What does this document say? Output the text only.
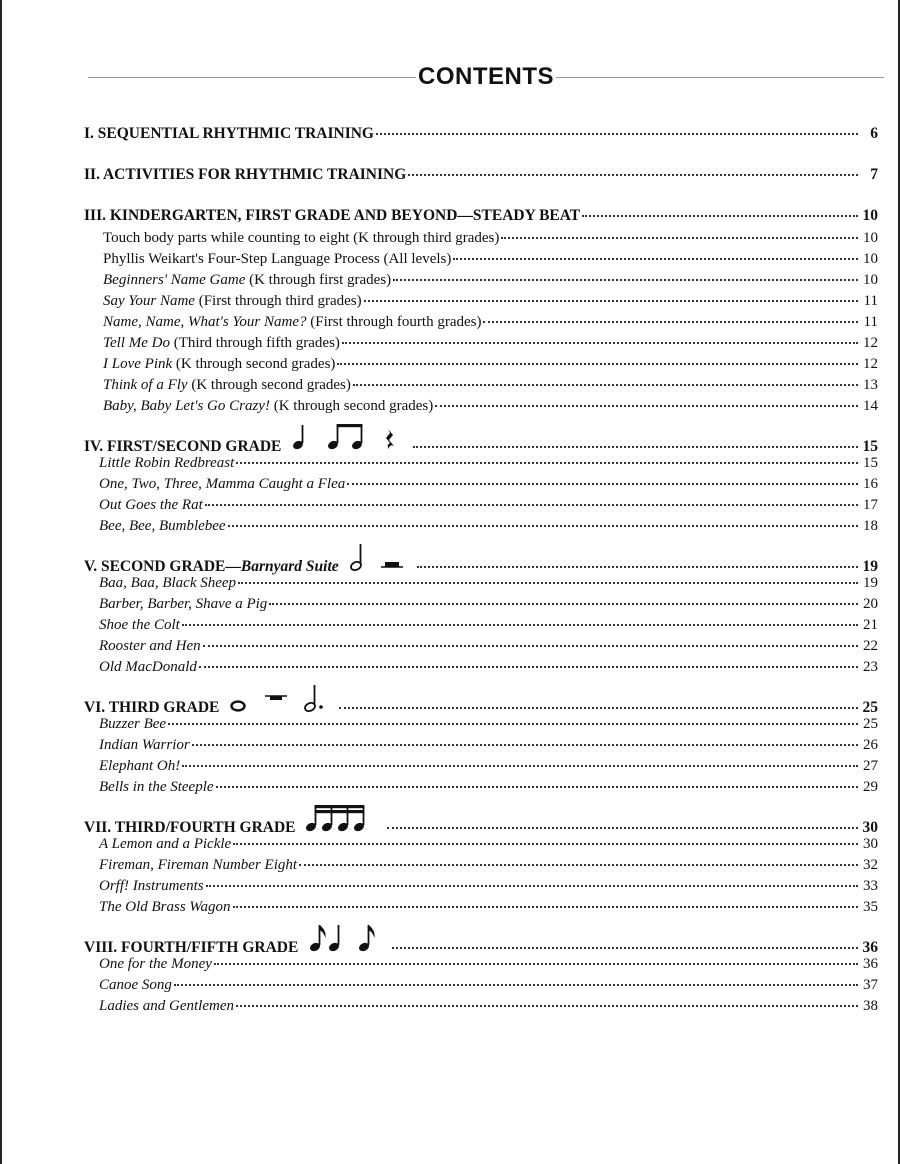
CONTENTS
I. SEQUENTIAL RHYTHMIC TRAINING	6
II. ACTIVITIES FOR RHYTHMIC TRAINING	7
III. KINDERGARTEN, FIRST GRADE AND BEYOND—STEADY BEAT	10
Touch body parts while counting to eight (K through third grades)	10
Phyllis Weikart's Four-Step Language Process (All levels)	10
Beginners' Name Game (K through first grades)	10
Say Your Name (First through third grades)	11
Name, Name, What's Your Name? (First through fourth grades)	11
Tell Me Do (Third through fifth grades)	12
I Love Pink (K through second grades)	12
Think of a Fly (K through second grades)	13
Baby, Baby Let's Go Crazy! (K through second grades)	14
IV. FIRST/SECOND GRADE	15
Little Robin Redbreast	15
One, Two, Three, Mamma Caught a Flea	16
Out Goes the Rat	17
Bee, Bee, Bumblebee	18
V. SECOND GRADE—Barnyard Suite	19
Baa, Baa, Black Sheep	19
Barber, Barber, Shave a Pig	20
Shoe the Colt	21
Rooster and Hen	22
Old MacDonald	23
VI. THIRD GRADE	25
Buzzer Bee	25
Indian Warrior	26
Elephant Oh!	27
Bells in the Steeple	29
VII. THIRD/FOURTH GRADE	30
A Lemon and a Pickle	30
Fireman, Fireman Number Eight	32
Orff! Instruments	33
The Old Brass Wagon	35
VIII. FOURTH/FIFTH GRADE	36
One for the Money	36
Canoe Song	37
Ladies and Gentlemen	38
